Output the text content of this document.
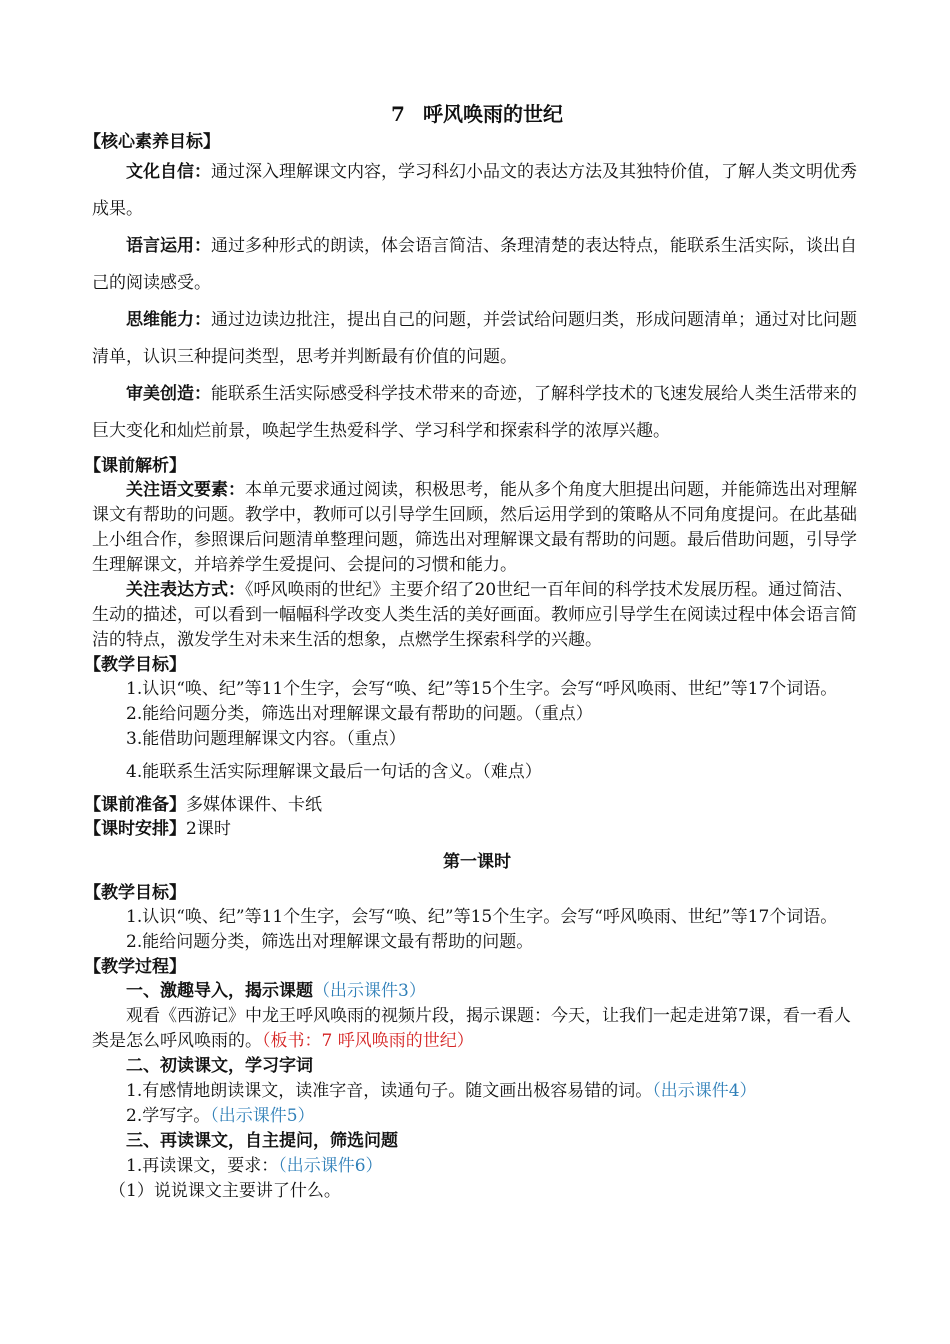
7 呼风唤雨的世纪
【核心素养目标】

文化自信：通过深入理解课文内容，学习科幻小品文的表达方法及其独特价值，了解人类文明优秀成果。

语言运用：通过多种形式的朗读，体会语言简洁、条理清楚的表达特点，能联系生活实际，谈出自己的阅读感受。

思维能力：通过边读边批注，提出自己的问题，并尝试给问题归类，形成问题清单；通过对比问题清单，认识三种提问类型，思考并判断最有价值的问题。

审美创造：能联系生活实际感受科学技术带来的奇迹，了解科学技术的飞速发展给人类生活带来的巨大变化和灿烂前景，唤起学生热爱科学、学习科学和探索科学的浓厚兴趣。

【课前解析】

关注语文要素：本单元要求通过阅读，积极思考，能从多个角度大胆提出问题，并能筛选出对理解课文有帮助的问题。教学中，教师可以引导学生回顾，然后运用学到的策略从不同角度提问。在此基础上小组合作，参照课后问题清单整理问题，筛选出对理解课文最有帮助的问题。最后借助问题，引导学生理解课文，并培养学生爱提问、会提问的习惯和能力。

关注表达方式：《呼风唤雨的世纪》主要介绍了20世纪一百年间的科学技术发展历程。通过简洁、生动的描述，可以看到一幅幅科学改变人类生活的美好画面。教师应引导学生在阅读过程中体会语言简洁的特点，激发学生对未来生活的想象，点燃学生探索科学的兴趣。

【教学目标】

1.认识“唤、纪”等11个生字，会写“唤、纪”等15个生字。会写“呼风唤雨、世纪”等17个词语。

2.能给问题分类，筛选出对理解课文最有帮助的问题。（重点）

3.能借助问题理解课文内容。（重点）

4.能联系生活实际理解课文最后一句话的含义。（难点）

【课前准备】多媒体课件、卡纸
【课时安排】2课时
第一课时
【教学目标】

1.认识“唤、纪”等11个生字，会写“唤、纪”等15个生字。会写“呼风唤雨、世纪”等17个词语。

2.能给问题分类，筛选出对理解课文最有帮助的问题。

【教学过程】

一、激趣导入，揭示课题（出示课件3）

观看《西游记》中龙王呼风唤雨的视频片段，揭示课题：今天，让我们一起走进第7课，看一看人类是怎么呼风唤雨的。（板书：7 呼风唤雨的世纪）

二、初读课文，学习字词

1.有感情地朗读课文，读准字音，读通句子。随文画出极容易错的词。（出示课件4）

2.学写字。（出示课件5）

三、再读课文，自主提问，筛选问题

1.再读课文，要求：（出示课件6）

（1）说说课文主要讲了什么。
